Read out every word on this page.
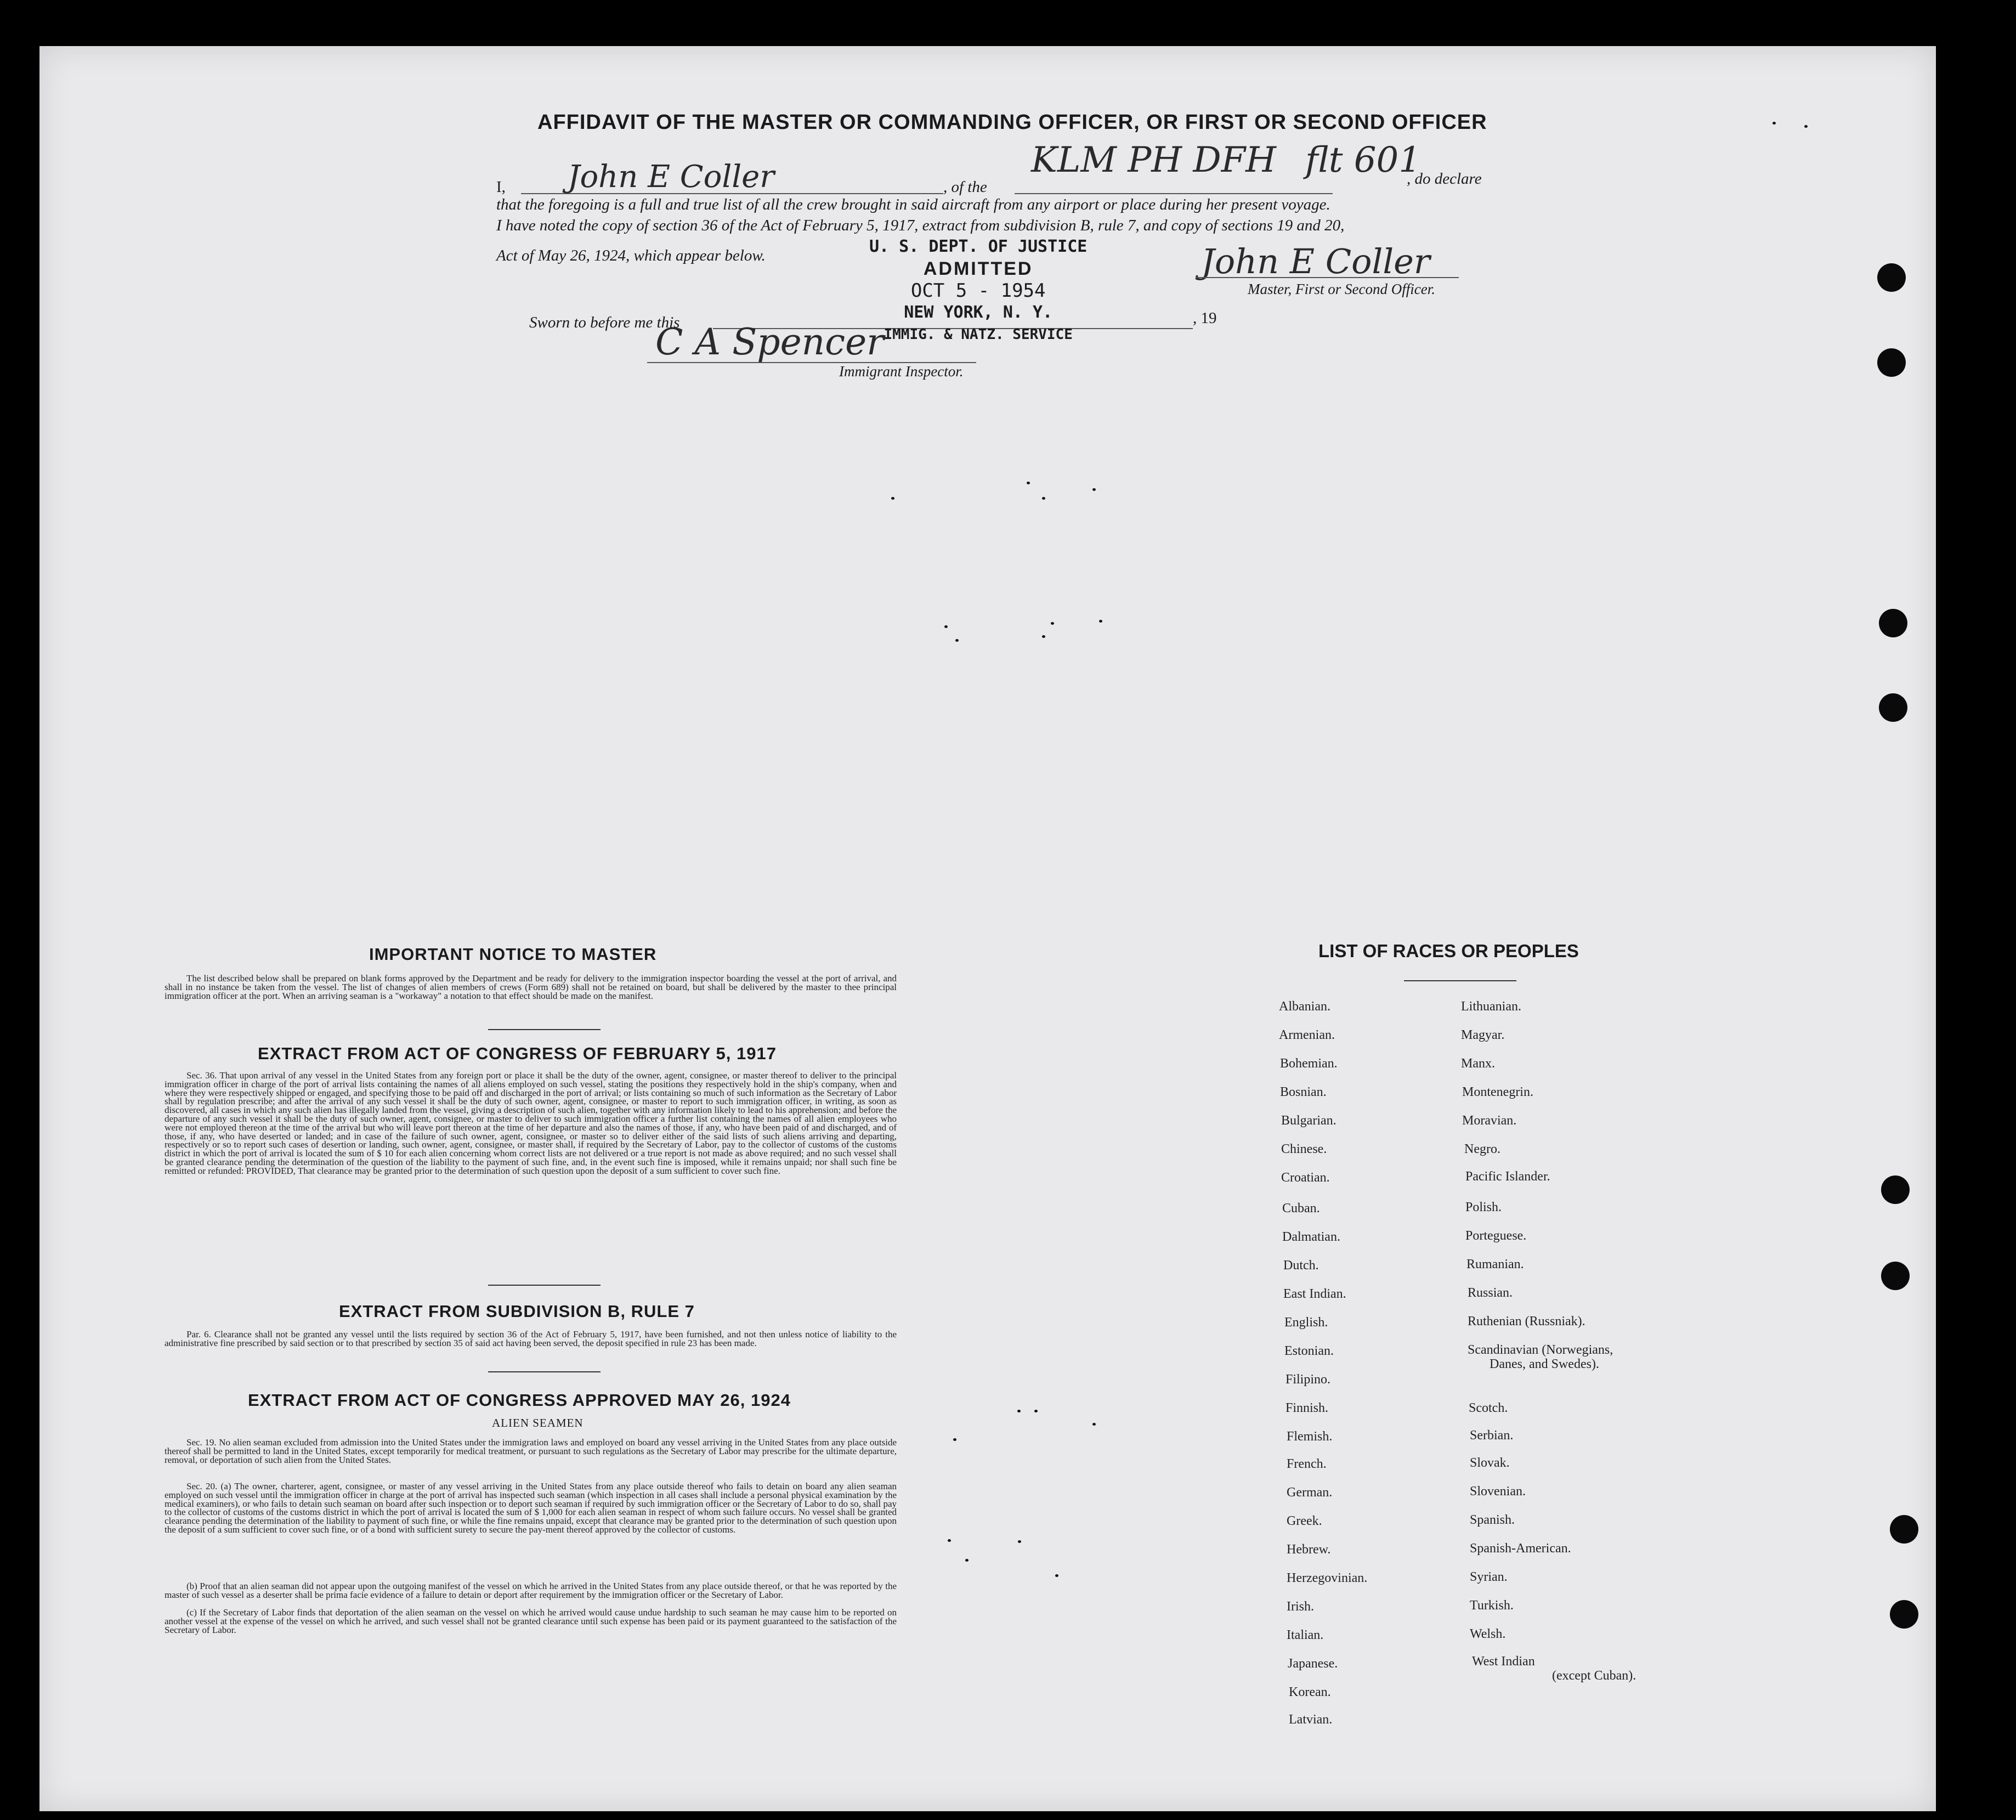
AFFIDAVIT OF THE MASTER OR COMMANDING OFFICER, OR FIRST OR SECOND OFFICER
I, John E Coller	, of the
KLM PH DFH flt 601
, do declare
that the foregoing is a full and true list of all the crew brought in said aircraft from any airport or place during her present voyage.
I have noted the copy of section 36 of the Act of February 5, 1917, extract from subdivision B, rule 7, and copy of sections 19 and 20,
Act of May 26, 1924, which appear below.	John E Coller
Master, First or Second Officer.
Sworn to before me this	, 19
C A Spencer
Immigrant Inspector.
U. S. DEPT. OF JUSTICE
ADMITTED
OCT 5 - 1954
NEW YORK, N. Y.
IMMIG. & NATZ. SERVICE
IMPORTANT NOTICE TO MASTER
The list described below shall be prepared on blank forms approved by the Department and be ready for delivery to the immigration inspector boarding the vessel at the port of arrival, and shall in no instance be taken from the vessel. The list of changes of alien members of crews (Form 689) shall not be retained on board, but shall be delivered by the master to thee principal immigration officer at the port. When an arriving seaman is a "workaway" a notation to that effect should be made on the manifest.
EXTRACT FROM ACT OF CONGRESS OF FEBRUARY 5, 1917
Sec. 36. That upon arrival of any vessel in the United States from any foreign port or place it shall be the duty of the owner, agent, consignee, or master thereof to deliver to the principal immigration officer in charge of the port of arrival lists containing the names of all aliens employed on such vessel, stating the positions they respectively hold in the ship's company, when and where they were respectively shipped or engaged, and specifying those to be paid off and discharged in the port of arrival; or lists containing so much of such information as the Secretary of Labor shall by regulation prescribe; and after the arrival of any such vessel it shall be the duty of such owner, agent, consignee, or master to report to such immigration officer, in writing, as soon as discovered, all cases in which any such alien has illegally landed from the vessel, giving a description of such alien, together with any information likely to lead to his apprehension; and before the departure of any such vessel it shall be the duty of such owner, agent, consignee, or master to deliver to such immigration officer a further list containing the names of all alien employees who were not employed thereon at the time of the arrival but who will leave port thereon at the time of her departure and also the names of those, if any, who have been paid of and discharged, and of those, if any, who have deserted or landed; and in case of the failure of such owner, agent, consignee, or master so to deliver either of the said lists of such aliens arriving and departing, respectively or so to report such cases of desertion or landing, such owner, agent, consignee, or master shall, if required by the Secretary of Labor, pay to the collector of customs of the customs district in which the port of arrival is located the sum of $ 10 for each alien concerning whom correct lists are not delivered or a true report is not made as above required; and no such vessel shall be granted clearance pending the determination of the question of the liability to the payment of such fine, and, in the event such fine is imposed, while it remains unpaid; nor shall such fine be remitted or refunded: PROVIDED, That clearance may be granted prior to the determination of such question upon the deposit of a sum sufficient to cover such fine.
EXTRACT FROM SUBDIVISION B, RULE 7
Par. 6. Clearance shall not be granted any vessel until the lists required by section 36 of the Act of February 5, 1917, have been furnished, and not then unless notice of liability to the administrative fine prescribed by said section or to that prescribed by section 35 of said act having been served, the deposit specified in rule 23 has been made.
EXTRACT FROM ACT OF CONGRESS APPROVED MAY 26, 1924
ALIEN SEAMEN
Sec. 19. No alien seaman excluded from admission into the United States under the immigration laws and employed on board any vessel arriving in the United States from any place outside thereof shall be permitted to land in the United States, except temporarily for medical treatment, or pursuant to such regulations as the Secretary of Labor may prescribe for the ultimate departure, removal, or deportation of such alien from the United States.
Sec. 20. (a) The owner, charterer, agent, consignee, or master of any vessel arriving in the United States from any place outside thereof who fails to detain on board any alien seaman employed on such vessel until the immigration officer in charge at the port of arrival has inspected such seaman (which inspection in all cases shall include a personal physical examination by the medical examiners), or who fails to detain such seaman on board after such inspection or to deport such seaman if required by such immigration officer or the Secretary of Labor to do so, shall pay to the collector of customs of the customs district in which the port of arrival is located the sum of $ 1,000 for each alien seaman in respect of whom such failure occurs. No vessel shall be granted clearance pending the determination of the liability to payment of such fine, or while the fine remains unpaid, except that clearance may be granted prior to the determination of such question upon the deposit of a sum sufficient to cover such fine, or of a bond with sufficient surety to secure the pay-ment thereof approved by the collector of customs.
(b) Proof that an alien seaman did not appear upon the outgoing manifest of the vessel on which he arrived in the United States from any place outside thereof, or that he was reported by the master of such vessel as a deserter shall be prima facie evidence of a failure to detain or deport after requirement by the immigration officer or the Secretary of Labor.
(c) If the Secretary of Labor finds that deportation of the alien seaman on the vessel on which he arrived would cause undue hardship to such seaman he may cause him to be reported on another vessel at the expense of the vessel on which he arrived, and such vessel shall not be granted clearance until such expense has been paid or its payment guaranteed to the satisfaction of the Secretary of Labor.
LIST OF RACES OR PEOPLES
Albanian.
Armenian.
Bohemian.
Bosnian.
Bulgarian.
Chinese.
Croatian.
Cuban.
Dalmatian.
Dutch.
East Indian.
English.
Estonian.
Filipino.
Finnish.
Flemish.
French.
German.
Greek.
Hebrew.
Herzegovinian.
Irish.
Italian.
Japanese.
Korean.
Latvian.
Lithuanian.
Magyar.
Manx.
Montenegrin.
Moravian.
Negro.
Pacific Islander.
Polish.
Porteguese.
Rumanian.
Russian.
Ruthenian (Russniak).
Scandinavian (Norwegians,
Danes, and Swedes).
Scotch.
Serbian.
Slovak.
Slovenian.
Spanish.
Spanish-American.
Syrian.
Turkish.
Welsh.
West Indian
(except Cuban).
